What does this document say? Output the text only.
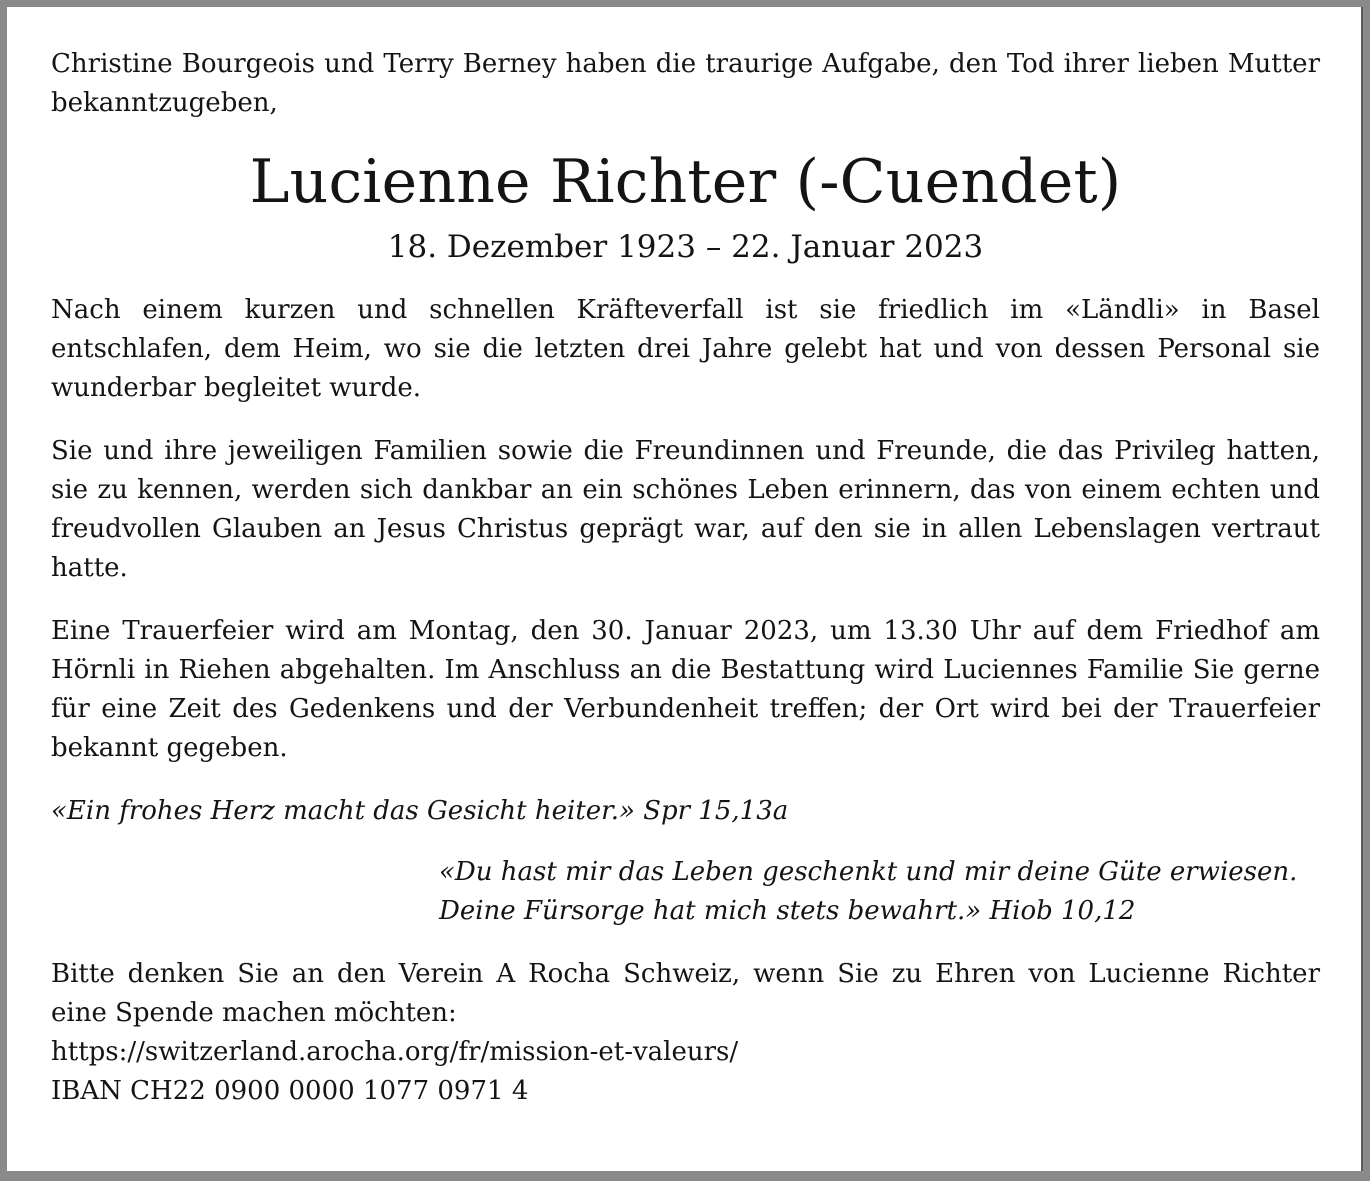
Christine Bourgeois und Terry Berney haben die traurige Aufgabe, den Tod ihrer lieben Mutter bekanntzugeben,

Lucienne Richter (-Cuendet)

18. Dezember 1923 – 22. Januar 2023

Nach einem kurzen und schnellen Kräfteverfall ist sie friedlich im «Ländli» in Basel entschlafen, dem Heim, wo sie die letzten drei Jahre gelebt hat und von dessen Personal sie wunderbar begleitet wurde.

Sie und ihre jeweiligen Familien sowie die Freundinnen und Freunde, die das Privileg hatten, sie zu kennen, werden sich dankbar an ein schönes Leben erinnern, das von einem echten und freudvollen Glauben an Jesus Christus geprägt war, auf den sie in allen Lebenslagen vertraut hatte.

Eine Trauerfeier wird am Montag, den 30. Januar 2023, um 13.30 Uhr auf dem Friedhof am Hörnli in Riehen abgehalten. Im Anschluss an die Bestattung wird Luciennes Familie Sie gerne für eine Zeit des Gedenkens und der Verbundenheit treffen; der Ort wird bei der Trauerfeier bekannt gegeben.

«Ein frohes Herz macht das Gesicht heiter.» Spr 15,13a

«Du hast mir das Leben geschenkt und mir deine Güte erwiesen.
Deine Fürsorge hat mich stets bewahrt.» Hiob 10,12

Bitte denken Sie an den Verein A Rocha Schweiz, wenn Sie zu Ehren von Lucienne Richter
eine Spende machen möchten:
https://switzerland.arocha.org/fr/mission-et-valeurs/
IBAN CH22 0900 0000 1077 0971 4
